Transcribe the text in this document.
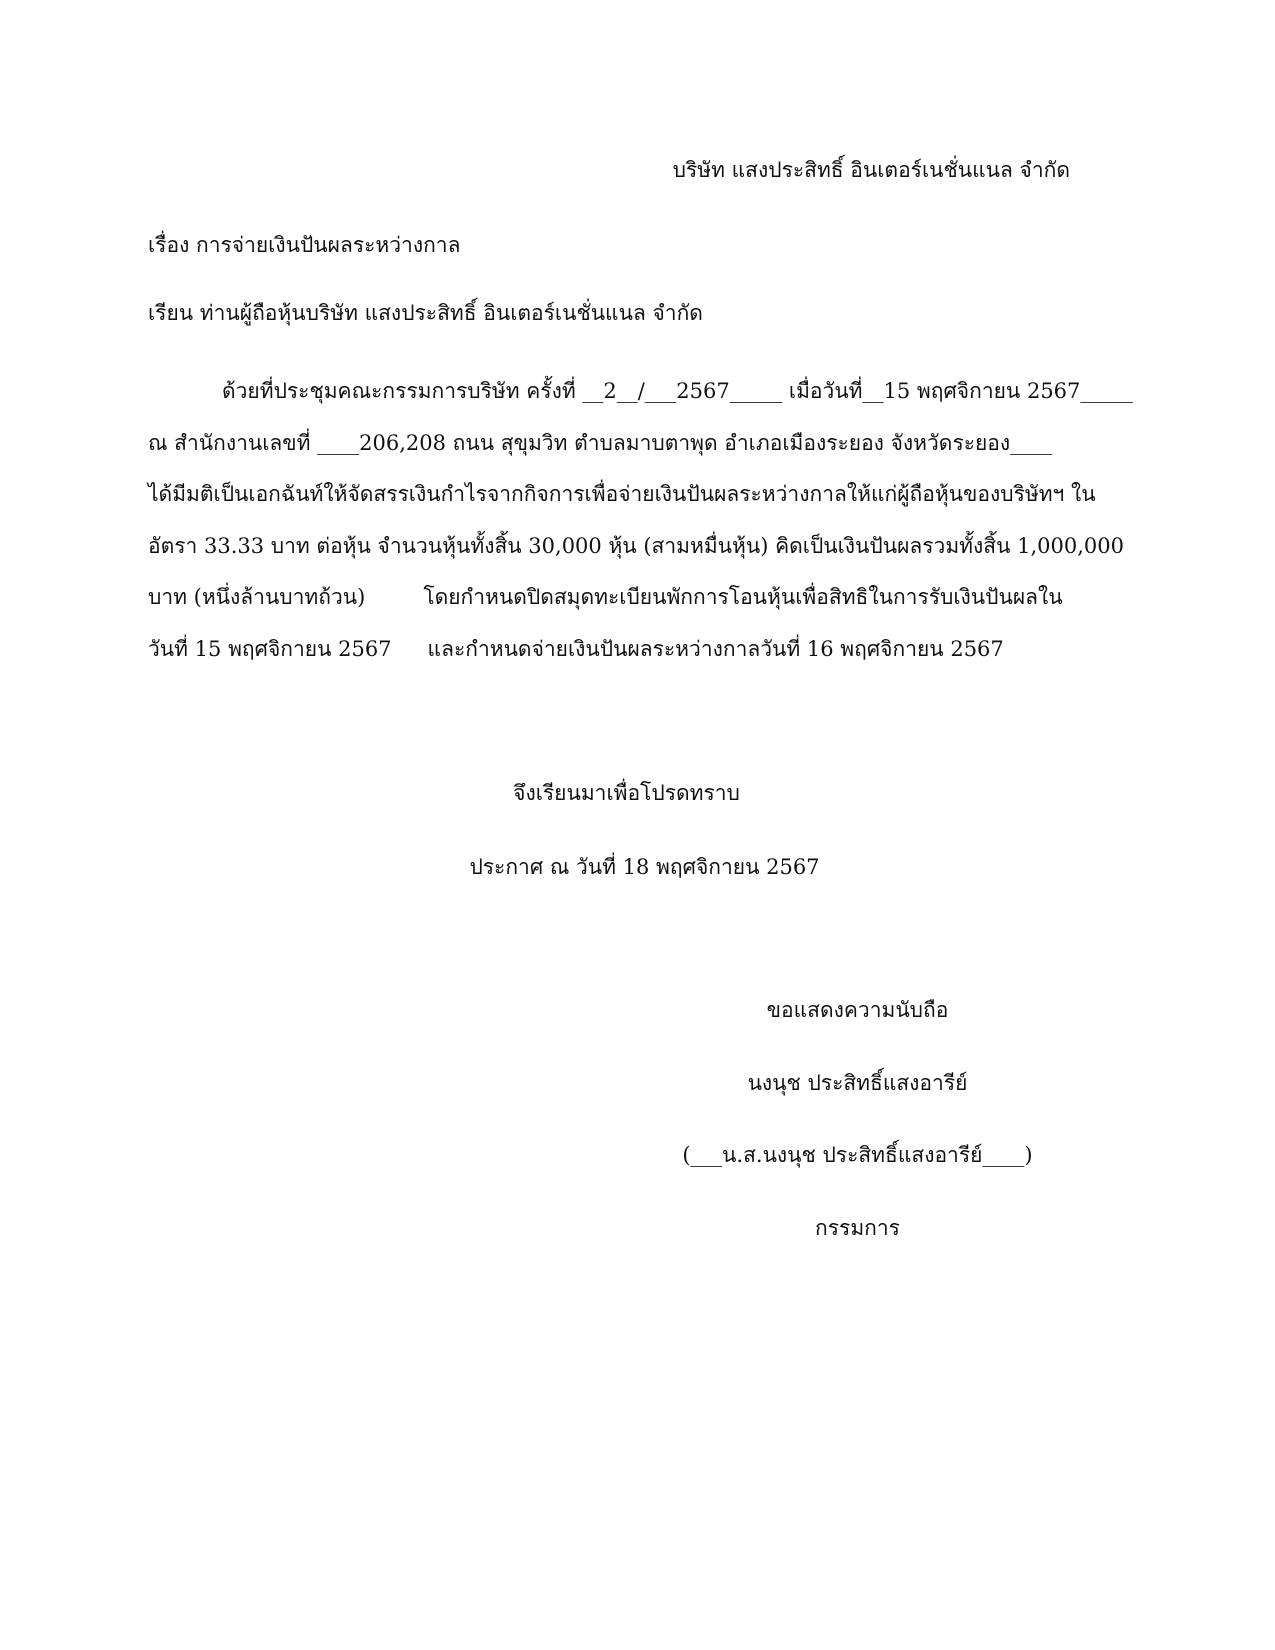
บริษัท แสงประสิทธิ์ อินเตอร์เนชั่นแนล จำกัด
เรื่อง การจ่ายเงินปันผลระหว่างกาล
เรียน ท่านผู้ถือหุ้นบริษัท แสงประสิทธิ์ อินเตอร์เนชั่นแนล จำกัด
ด้วยที่ประชุมคณะกรรมการบริษัท ครั้งที่ __2__/___2567_____ เมื่อวันที่__15 พฤศจิกายน 2567_____
ณ สำนักงานเลขที่ ____206,208 ถนน สุขุมวิท ตำบลมาบตาพุด อำเภอเมืองระยอง จังหวัดระยอง____
ได้มีมติเป็นเอกฉันท์ให้จัดสรรเงินกำไรจากกิจการเพื่อจ่ายเงินปันผลระหว่างกาลให้แก่ผู้ถือหุ้นของบริษัทฯ ใน
อัตรา 33.33 บาท ต่อหุ้น จำนวนหุ้นทั้งสิ้น 30,000 หุ้น (สามหมื่นหุ้น) คิดเป็นเงินปันผลรวมทั้งสิ้น 1,000,000
บาท (หนึ่งล้านบาทถ้วน)	โดยกำหนดปิดสมุดทะเบียนพักการโอนหุ้นเพื่อสิทธิในการรับเงินปันผลใน
วันที่ 15 พฤศจิกายน 2567 และกำหนดจ่ายเงินปันผลระหว่างกาลวันที่ 16 พฤศจิกายน 2567
จึงเรียนมาเพื่อโปรดทราบ
ประกาศ ณ วันที่ 18 พฤศจิกายน 2567
ขอแสดงความนับถือ
นงนุช ประสิทธิ์แสงอารีย์
(___น.ส.นงนุช ประสิทธิ์แสงอารีย์____)
กรรมการ
